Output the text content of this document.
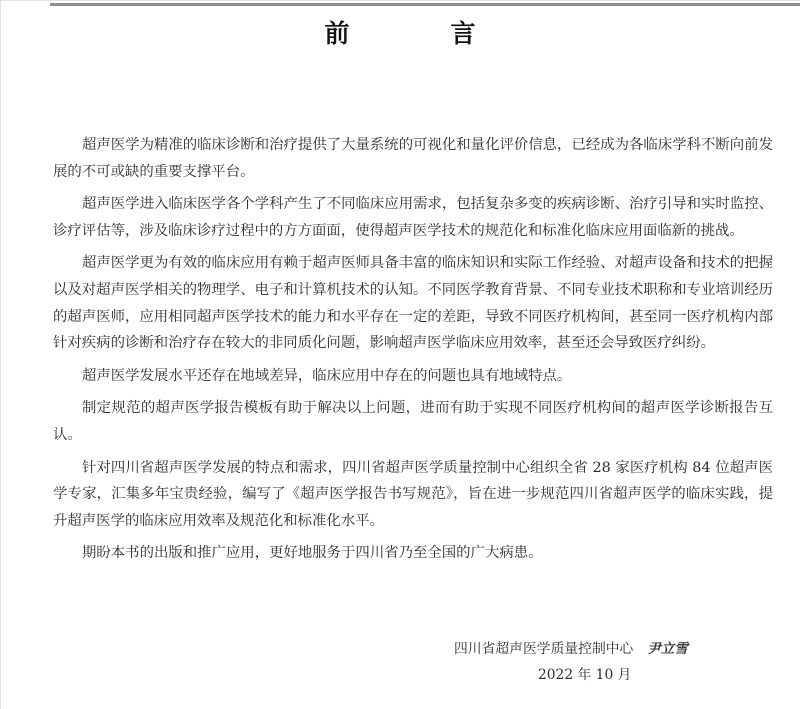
前　言

超声医学为精准的临床诊断和治疗提供了大量系统的可视化和量化评价信息，已经成为各临床学科不断向前发展的不可或缺的重要支撑平台。

超声医学进入临床医学各个学科产生了不同临床应用需求，包括复杂多变的疾病诊断、治疗引导和实时监控、诊疗评估等，涉及临床诊疗过程中的方方面面，使得超声医学技术的规范化和标准化临床应用面临新的挑战。

超声医学更为有效的临床应用有赖于超声医师具备丰富的临床知识和实际工作经验、对超声设备和技术的把握以及对超声医学相关的物理学、电子和计算机技术的认知。不同医学教育背景、不同专业技术职称和专业培训经历的超声医师，应用相同超声医学技术的能力和水平存在一定的差距，导致不同医疗机构间，甚至同一医疗机构内部针对疾病的诊断和治疗存在较大的非同质化问题，影响超声医学临床应用效率，甚至还会导致医疗纠纷。

超声医学发展水平还存在地域差异，临床应用中存在的问题也具有地域特点。

制定规范的超声医学报告模板有助于解决以上问题，进而有助于实现不同医疗机构间的超声医学诊断报告互认。

针对四川省超声医学发展的特点和需求，四川省超声医学质量控制中心组织全省 28 家医疗机构 84 位超声医学专家，汇集多年宝贵经验，编写了《超声医学报告书写规范》，旨在进一步规范四川省超声医学的临床实践，提升超声医学的临床应用效率及规范化和标准化水平。

期盼本书的出版和推广应用，更好地服务于四川省乃至全国的广大病患。

四川省超声医学质量控制中心 尹立雪
2022 年 10 月
